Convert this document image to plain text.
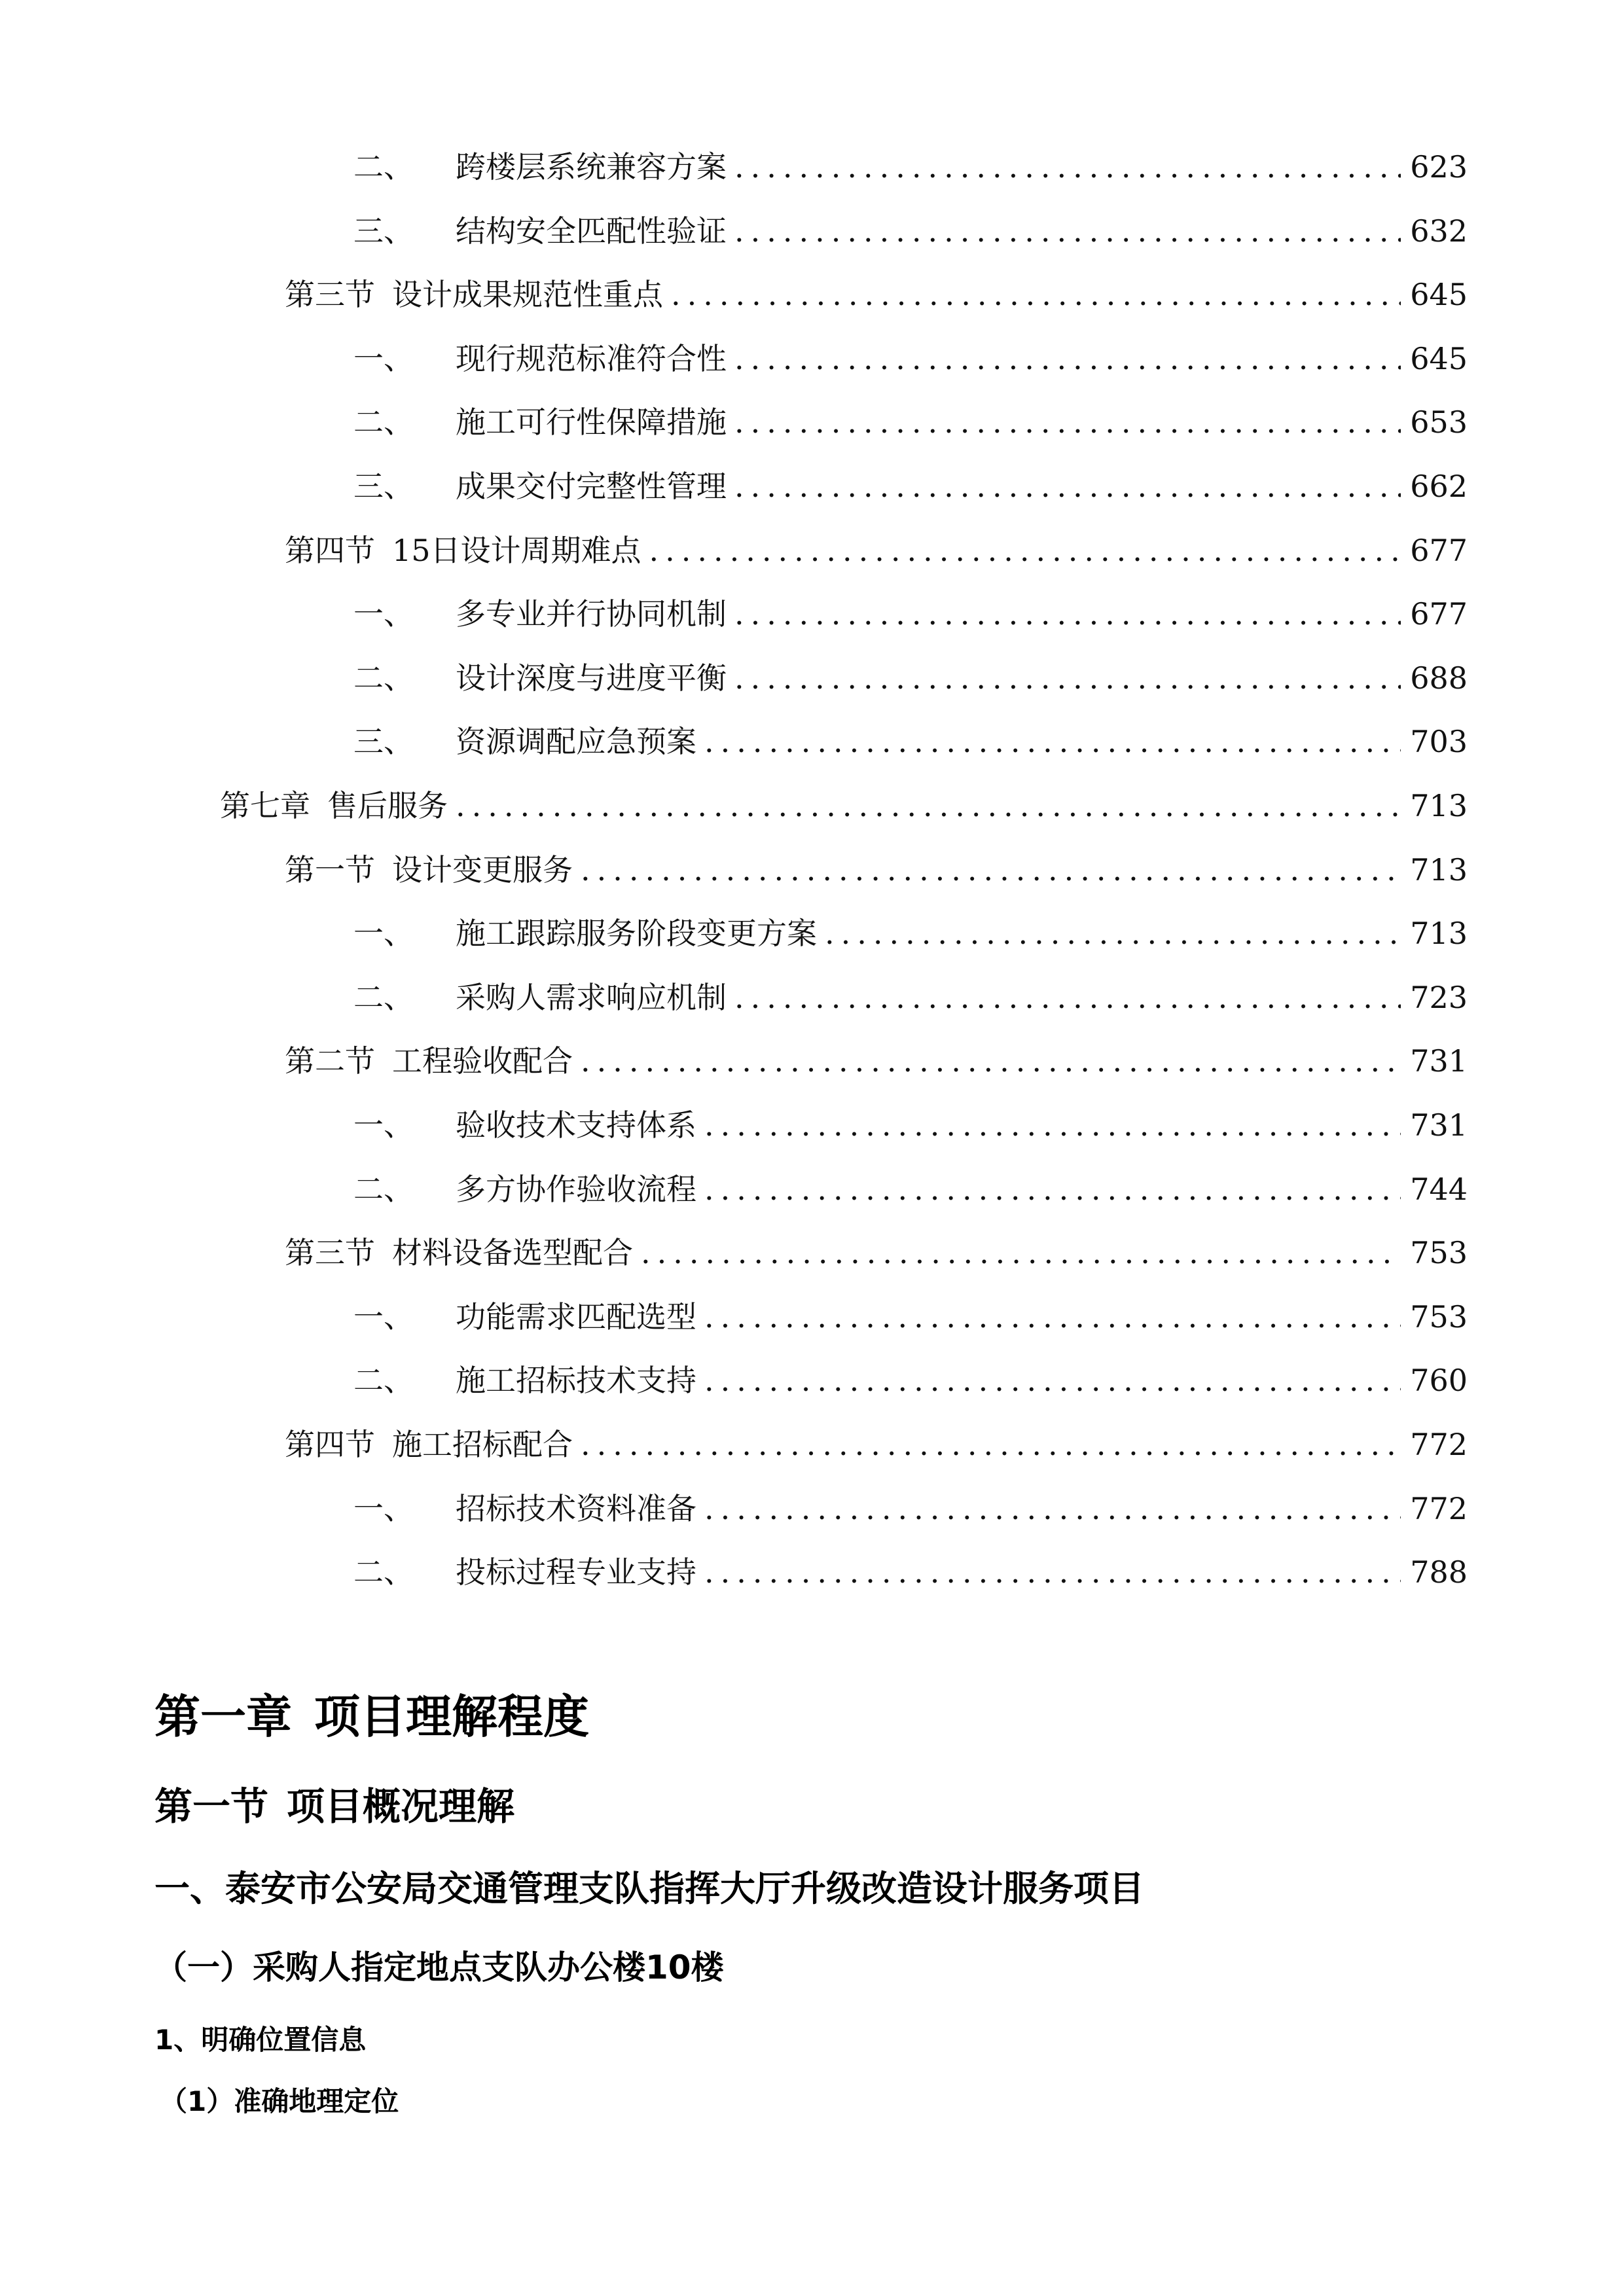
二、 跨楼层系统兼容方案 .....	623
三、 结构安全匹配性验证 .....	632
第三节 设计成果规范性重点 .....	645
一、 现行规范标准符合性 .....	645
二、 施工可行性保障措施 .....	653
三、 成果交付完整性管理 .....	662
第四节 15日设计周期难点 .....	677
一、 多专业并行协同机制 .....	677
二、 设计深度与进度平衡 .....	688
三、 资源调配应急预案 .....	703
第七章 售后服务 .....	713
第一节 设计变更服务 .....	713
一、 施工跟踪服务阶段变更方案 .....	713
二、 采购人需求响应机制 .....	723
第二节 工程验收配合 .....	731
一、 验收技术支持体系 .....	731
二、 多方协作验收流程 .....	744
第三节 材料设备选型配合 .....	753
一、 功能需求匹配选型 .....	753
二、 施工招标技术支持 .....	760
第四节 施工招标配合 .....	772
一、 招标技术资料准备 .....	772
二、 投标过程专业支持 .....	788
第一章 项目理解程度
第一节 项目概况理解
一、泰安市公安局交通管理支队指挥大厅升级改造设计服务项目
（一）采购人指定地点支队办公楼10楼
1、明确位置信息
（1）准确地理定位
